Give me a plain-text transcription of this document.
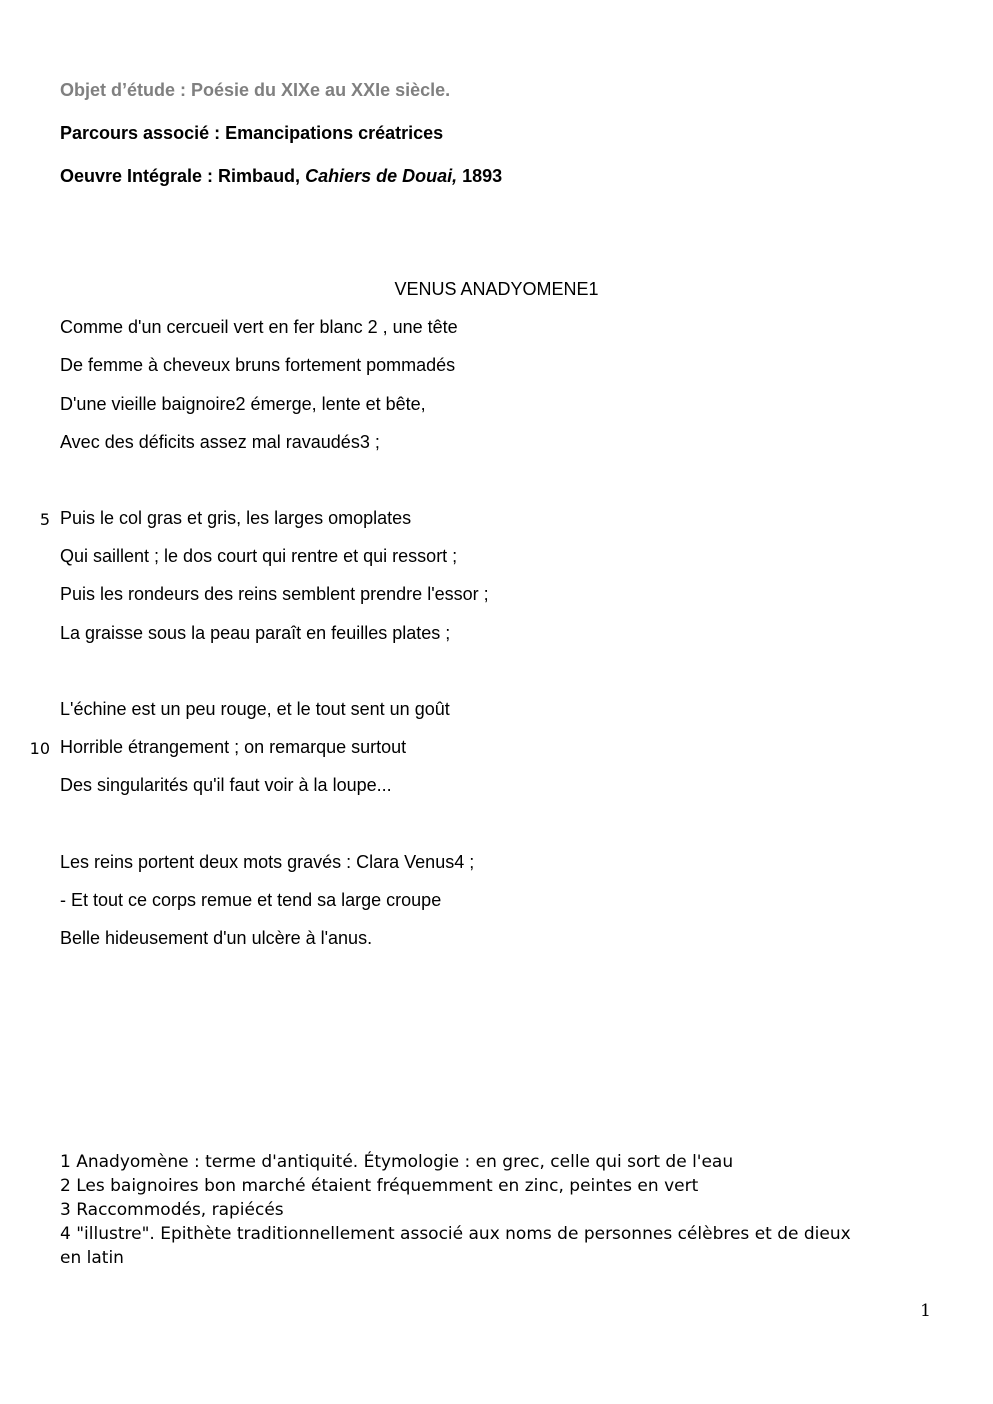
Objet d’étude : Poésie du XIXe au XXIe siècle.
Parcours associé : Emancipations créatrices
Oeuvre Intégrale : Rimbaud, Cahiers de Douai, 1893
VENUS ANADYOMENE1
Comme d'un cercueil vert en fer blanc 2 , une tête
De femme à cheveux bruns fortement pommadés
D'une vieille baignoire2 émerge, lente et bête,
Avec des déficits assez mal ravaudés3 ;
5 Puis le col gras et gris, les larges omoplates
Qui saillent ; le dos court qui rentre et qui ressort ;
Puis les rondeurs des reins semblent prendre l'essor ;
La graisse sous la peau paraît en feuilles plates ;
L'échine est un peu rouge, et le tout sent un goût
10 Horrible étrangement ; on remarque surtout
Des singularités qu'il faut voir à la loupe...
Les reins portent deux mots gravés : Clara Venus4 ;
- Et tout ce corps remue et tend sa large croupe
Belle hideusement d'un ulcère à l'anus.
1 Anadyomène : terme d'antiquité. Étymologie : en grec, celle qui sort de l'eau
2 Les baignoires bon marché étaient fréquemment en zinc, peintes en vert
3 Raccommodés, rapiécés
4 "illustre". Epithète traditionnellement associé aux noms de personnes célèbres et de dieux
en latin
1
